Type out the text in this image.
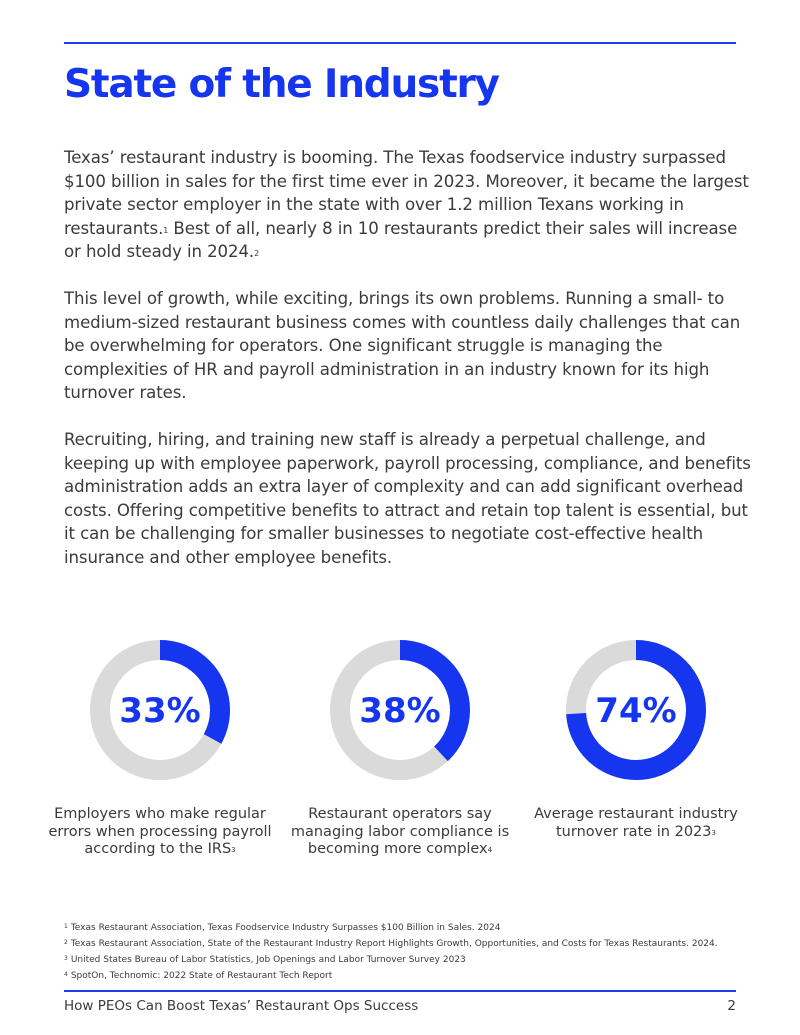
State of the Industry

Texas’ restaurant industry is booming. The Texas foodservice industry surpassed $100 billion in sales for the first time ever in 2023. Moreover, it became the largest private sector employer in the state with over 1.2 million Texans working in restaurants.$^1$ Best of all, nearly 8 in 10 restaurants predict their sales will increase or hold steady in 2024.$^2$

This level of growth, while exciting, brings its own problems. Running a small- to medium-sized restaurant business comes with countless daily challenges that can be overwhelming for operators. One significant struggle is managing the complexities of HR and payroll administration in an industry known for its high turnover rates.

Recruiting, hiring, and training new staff is already a perpetual challenge, and keeping up with employee paperwork, payroll processing, compliance, and benefits administration adds an extra layer of complexity and can add significant overhead costs. Offering competitive benefits to attract and retain top talent is essential, but it can be challenging for smaller businesses to negotiate cost-effective health insurance and other employee benefits.

33%
Employers who make regular errors when processing payroll according to the IRS$^3$
38%
Restaurant operators say managing labor compliance is becoming more complex$^4$
74%
Average restaurant industry turnover rate in 2023$^3$
$^1$ Texas Restaurant Association, Texas Foodservice Industry Surpasses $100 Billion in Sales. 2024
$^2$ Texas Restaurant Association, State of the Restaurant Industry Report Highlights Growth, Opportunities, and Costs for Texas Restaurants. 2024.
$^3$ United States Bureau of Labor Statistics, Job Openings and Labor Turnover Survey 2023
$^4$ SpotOn, Technomic: 2022 State of Restaurant Tech Report
How PEOs Can Boost Texas’ Restaurant Ops Success	2
